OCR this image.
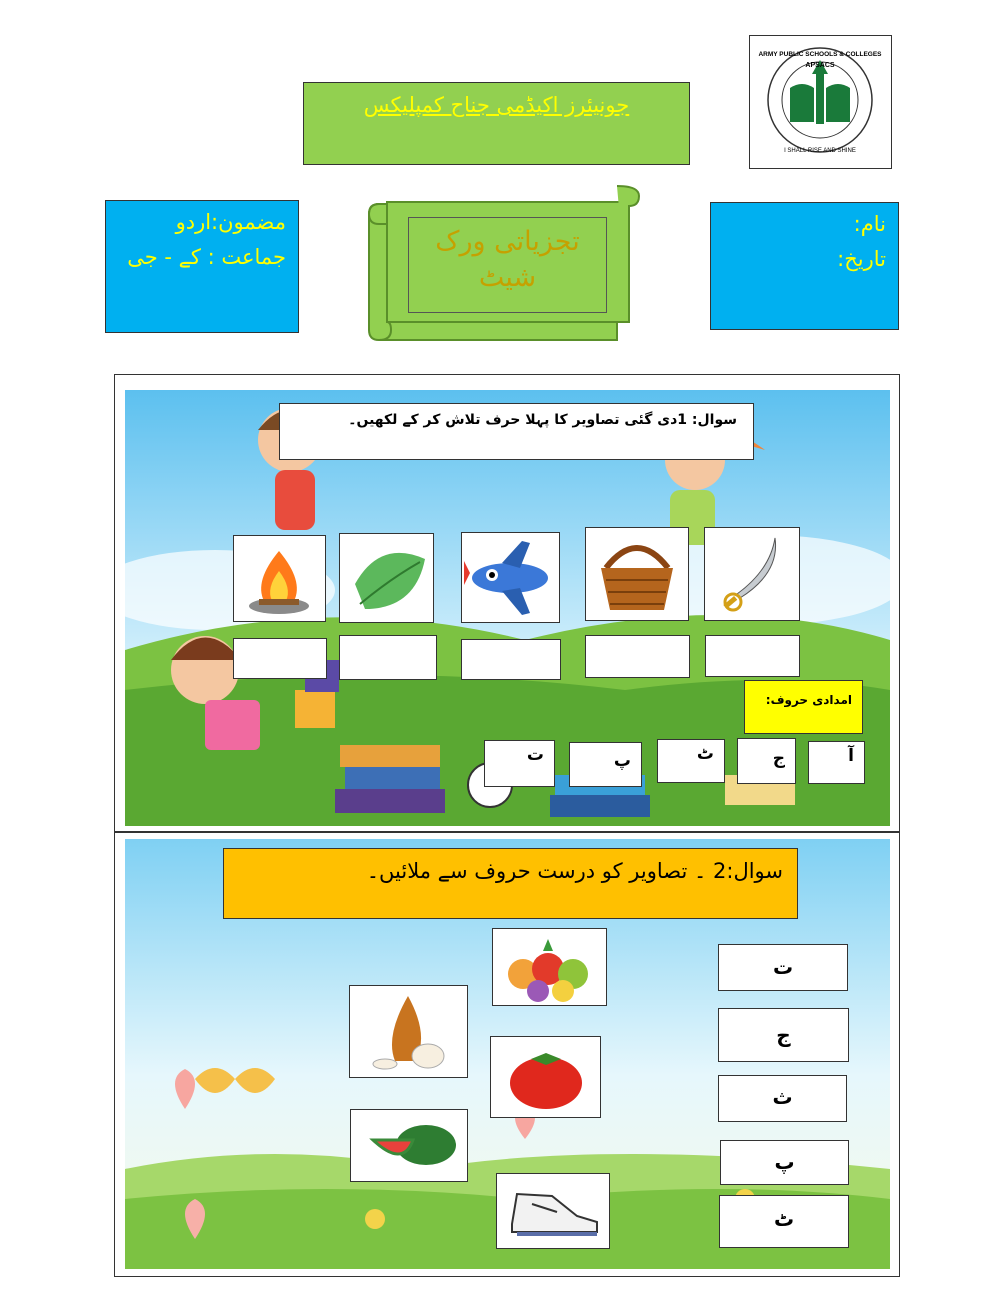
جونیئرز اکیڈمی جناح کمپلیکس
ARMY PUBLIC SCHOOLS & COLLEGES
APSACS
I SHALL RISE AND SHINE
مضمون:اردو
جماعت : کے - جی	تجزیاتی ورک شیٹ
نام:
تاریخ:
سوال: 1دی گئی تصاویر کا پہلا حرف تلاش کر کے لکھیں۔
امدادی حروف:
آ
ج
ٹ
پ
ت
سوال:2 ۔ تصاویر کو درست حروف سے ملائیں۔
ت
ج
ث
پ
ٹ
